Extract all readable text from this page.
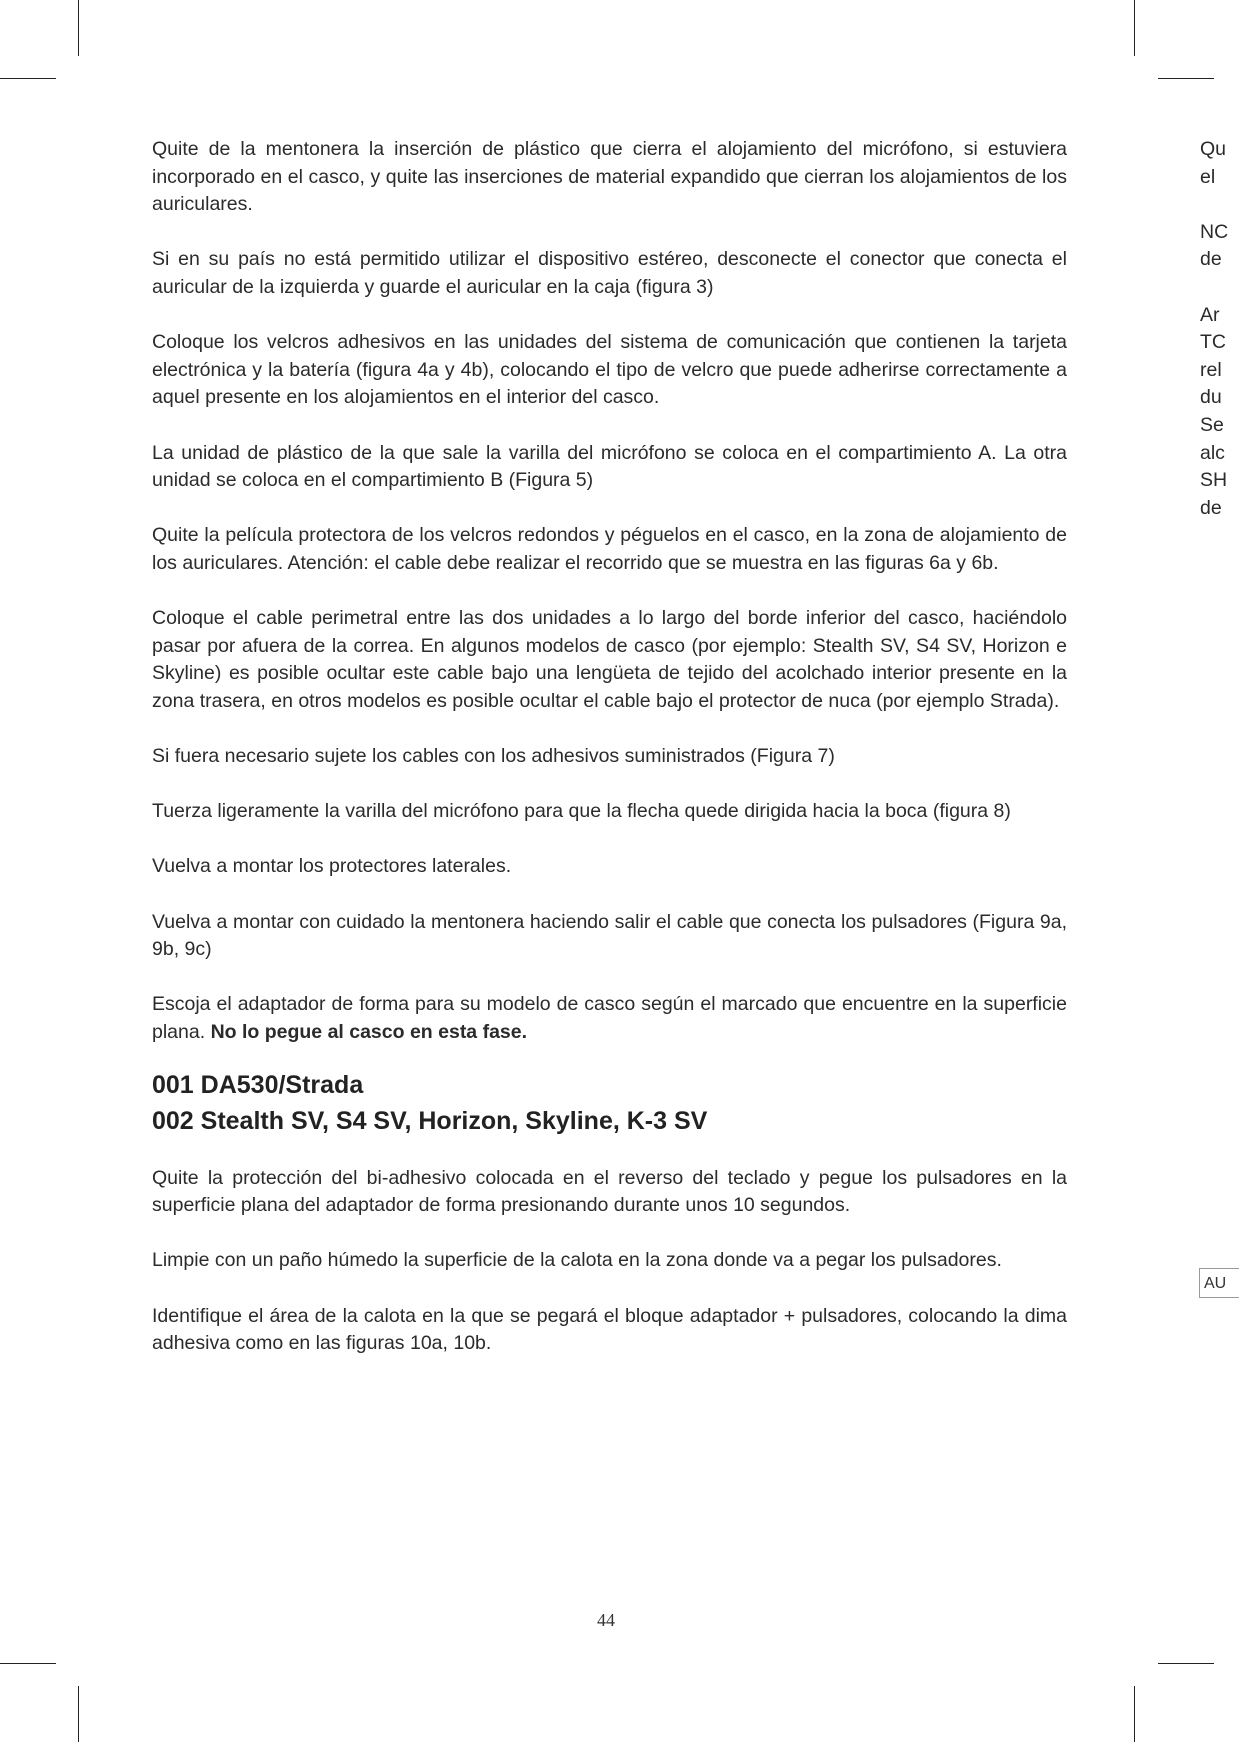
Quite de la mentonera la inserción de plástico que cierra el alojamiento del micrófono, si estuviera incorporado en el casco, y quite las inserciones de material expandido que cierran los alojamientos de los auriculares.

Si en su país no está permitido utilizar el dispositivo estéreo, desconecte el conector que conecta el auricular de la izquierda y guarde el auricular en la caja (figura 3)

Coloque los velcros adhesivos en las unidades del sistema de comunicación que contienen la tarjeta electrónica y la batería (figura 4a y 4b), colocando el tipo de velcro que puede adherirse correctamente a aquel presente en los alojamientos en el interior del casco.

La unidad de plástico de la que sale la varilla del micrófono se coloca en el compartimiento A. La otra unidad se coloca en el compartimiento B (Figura 5)

Quite la película protectora de los velcros redondos y péguelos en el casco, en la zona de alojamiento de los auriculares. Atención: el cable debe realizar el recorrido que se muestra en las figuras 6a y 6b.

Coloque el cable perimetral entre las dos unidades a lo largo del borde inferior del casco, haciéndolo pasar por afuera de la correa. En algunos modelos de casco (por ejemplo: Stealth SV, S4 SV, Horizon e Skyline) es posible ocultar este cable bajo una lengüeta de tejido del acolchado interior presente en la zona trasera, en otros modelos es posible ocultar el cable bajo el protector de nuca (por ejemplo Strada).

Si fuera necesario sujete los cables con los adhesivos suministrados (Figura 7)

Tuerza ligeramente la varilla del micrófono para que la flecha quede dirigida hacia la boca (figura 8)

Vuelva a montar los protectores laterales.

Vuelva a montar con cuidado la mentonera haciendo salir el cable que conecta los pulsadores (Figura 9a, 9b, 9c)

Escoja el adaptador de forma para su modelo de casco según el marcado que encuentre en la superficie plana. No lo pegue al casco en esta fase.

001 DA530/Strada
002 Stealth SV, S4 SV, Horizon, Skyline, K-3 SV

Quite la protección del bi-adhesivo colocada en el reverso del teclado y pegue los pulsadores en la superficie plana del adaptador de forma presionando durante unos 10 segundos.

Limpie con un paño húmedo la superficie de la calota en la zona donde va a pegar los pulsadores.

Identifique el área de la calota en la que se pegará el bloque adaptador + pulsadores, colocando la dima adhesiva como en las figuras 10a, 10b.

Qu
el
NC
de
Ar
TC
rel
du
Se
alc
SH
de
AU
44
